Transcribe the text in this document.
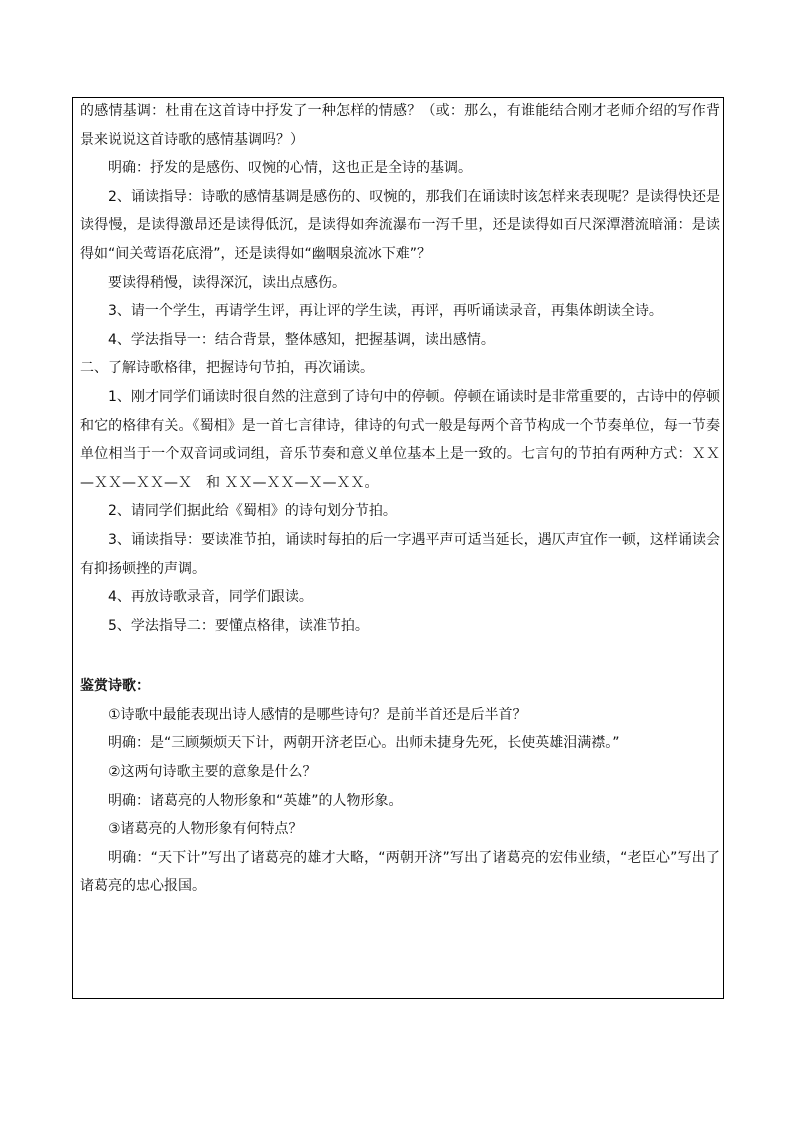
的感情基调：杜甫在这首诗中抒发了一种怎样的情感？（或：那么，有谁能结合刚才老师介绍的写作背景来说说这首诗歌的感情基调吗？）

明确：抒发的是感伤、叹惋的心情，这也正是全诗的基调。

2、诵读指导：诗歌的感情基调是感伤的、叹惋的，那我们在诵读时该怎样来表现呢？是读得快还是读得慢，是读得激昂还是读得低沉，是读得如奔流瀑布一泻千里，还是读得如百尺深潭潜流暗涌：是读得如“间关莺语花底滑”，还是读得如“幽咽泉流冰下难”？

要读得稍慢，读得深沉，读出点感伤。

3、请一个学生，再请学生评，再让评的学生读，再评，再听诵读录音，再集体朗读全诗。

4、学法指导一：结合背景，整体感知，把握基调，读出感情。

二、了解诗歌格律，把握诗句节拍，再次诵读。

1、刚才同学们诵读时很自然的注意到了诗句中的停顿。停顿在诵读时是非常重要的，古诗中的停顿和它的格律有关。《蜀相》是一首七言律诗，律诗的句式一般是每两个音节构成一个节奏单位，每一节奏单位相当于一个双音词或词组，音乐节奏和意义单位基本上是一致的。七言句的节拍有两种方式：ＸＸ—ＸＸ—ＸＸ—Ｘ　和 ＸＸ—ＸＸ—Ｘ—ＸＸ。

2、请同学们据此给《蜀相》的诗句划分节拍。

3、诵读指导：要读准节拍，诵读时每拍的后一字遇平声可适当延长，遇仄声宜作一顿，这样诵读会有抑扬顿挫的声调。

4、再放诗歌录音，同学们跟读。

5、学法指导二：要懂点格律，读准节拍。

鉴赏诗歌：

①诗歌中最能表现出诗人感情的是哪些诗句？是前半首还是后半首？

明确：是“三顾频烦天下计，两朝开济老臣心。出师未捷身先死，长使英雄泪满襟。”

②这两句诗歌主要的意象是什么？

明确：诸葛亮的人物形象和“英雄”的人物形象。

③诸葛亮的人物形象有何特点？

明确：“天下计”写出了诸葛亮的雄才大略，“两朝开济”写出了诸葛亮的宏伟业绩，“老臣心”写出了诸葛亮的忠心报国。
